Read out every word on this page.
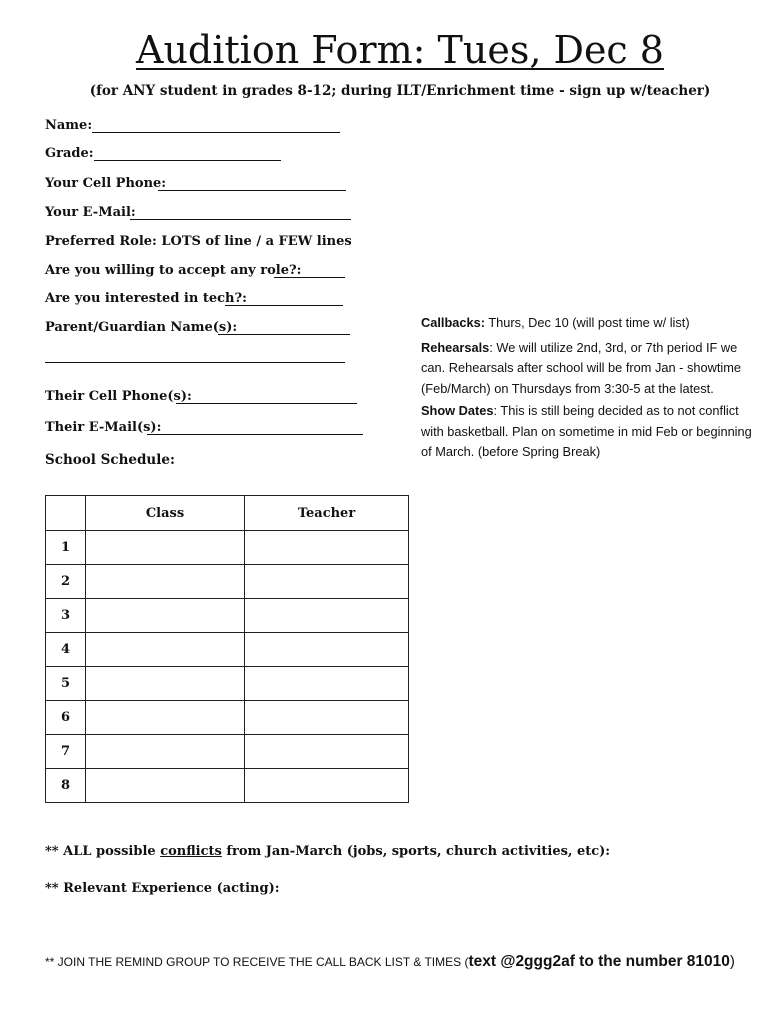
Audition Form: Tues, Dec 8
(for ANY student in grades 8-12; during ILT/Enrichment time - sign up w/teacher)
Name:
Grade:
Your Cell Phone:
Your E-Mail:
Preferred Role: LOTS of line / a FEW lines
Are you willing to accept any role?:
Are you interested in tech?:
Parent/Guardian Name(s):
Their Cell Phone(s):
Their E-Mail(s):
School Schedule:

Callbacks: Thurs, Dec 10 (will post time w/ list)

Rehearsals: We will utilize 2nd, 3rd, or 7th period IF we can. Rehearsals after school will be from Jan - showtime (Feb/March) on Thursdays from 3:30-5 at the latest.

Show Dates: This is still being decided as to not conflict with basketball. Plan on sometime in mid Feb or beginning of March. (before Spring Break)

	Class	Teacher
1		
2		
3		
4		
5		
6		
7		
8		
** ALL possible conflicts from Jan-March (jobs, sports, church activities, etc):
** Relevant Experience (acting):
** JOIN THE REMIND GROUP TO RECEIVE THE CALL BACK LIST & TIMES (text @2ggg2af to the number 81010)
